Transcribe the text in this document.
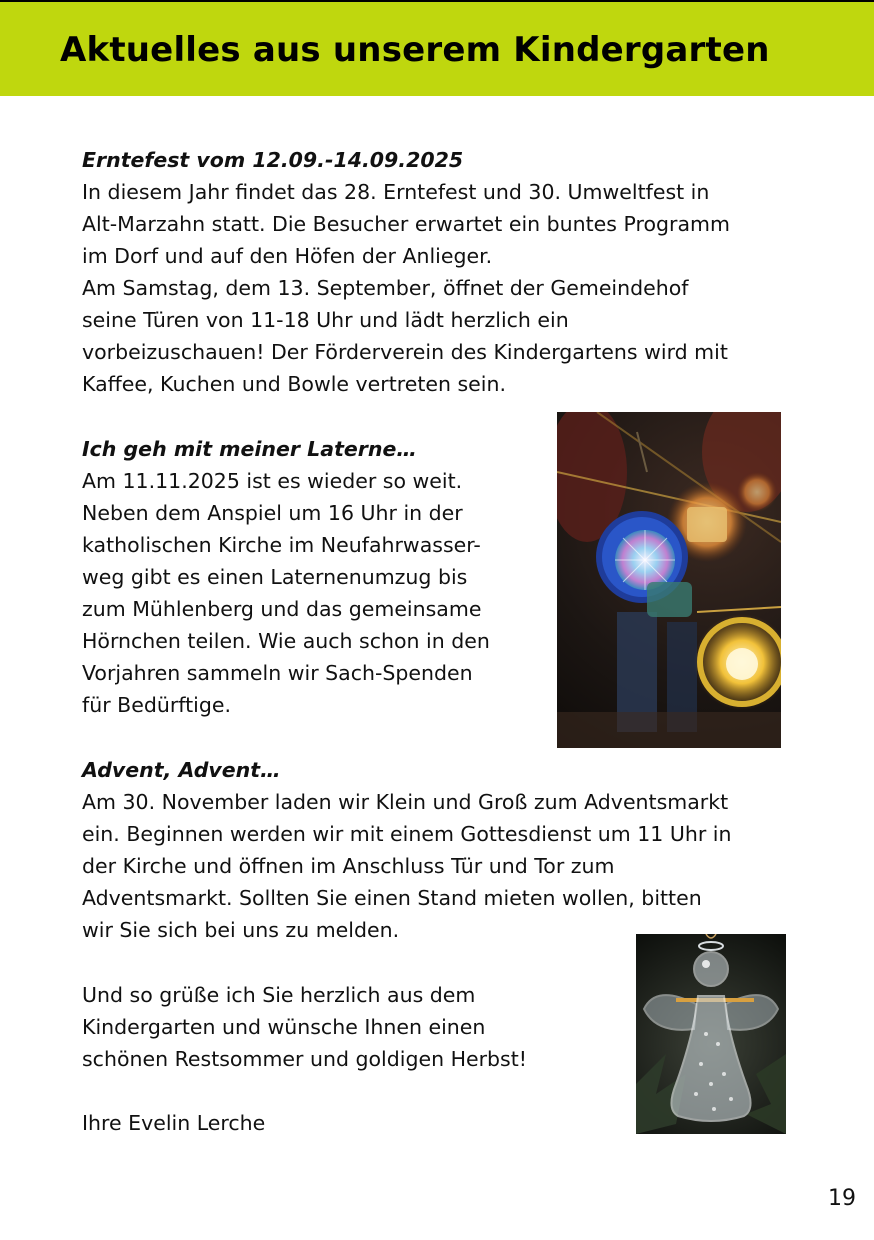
Aktuelles aus unserem Kindergarten
Erntefest vom 12.09.-14.09.2025
In diesem Jahr findet das 28. Erntefest und 30. Umweltfest in
Alt-Marzahn statt. Die Besucher erwartet ein buntes Programm
im Dorf und auf den Höfen der Anlieger.
Am Samstag, dem 13. September, öffnet der Gemeindehof
seine Türen von 11-18 Uhr und lädt herzlich ein
vorbeizuschauen! Der Förderverein des Kindergartens wird mit
Kaffee, Kuchen und Bowle vertreten sein.
Ich geh mit meiner Laterne…
Am 11.11.2025 ist es wieder so weit.
Neben dem Anspiel um 16 Uhr in der
katholischen Kirche im Neufahrwasser-
weg gibt es einen Laternenumzug bis
zum Mühlenberg und das gemeinsame
Hörnchen teilen. Wie auch schon in den
Vorjahren sammeln wir Sach-Spenden
für Bedürftige.
Advent, Advent…
Am 30. November laden wir Klein und Groß zum Adventsmarkt
ein. Beginnen werden wir mit einem Gottesdienst um 11 Uhr in
der Kirche und öffnen im Anschluss Tür und Tor zum
Adventsmarkt. Sollten Sie einen Stand mieten wollen, bitten
wir Sie sich bei uns zu melden.
Und so grüße ich Sie herzlich aus dem
Kindergarten und wünsche Ihnen einen
schönen Restsommer und goldigen Herbst!
Ihre Evelin Lerche
19
